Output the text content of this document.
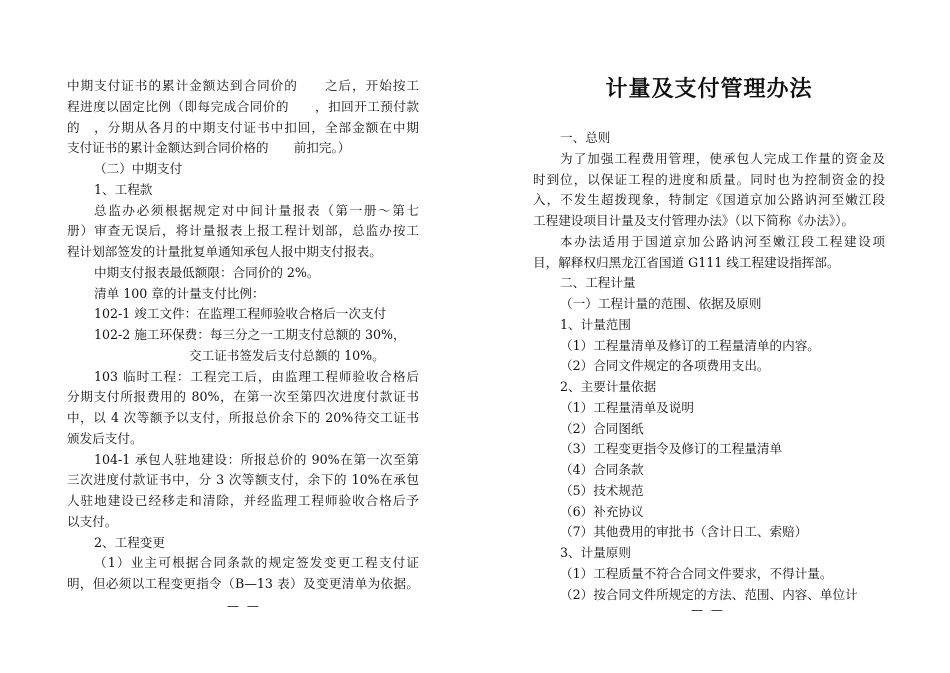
中期支付证书的累计金额达到合同价的　　之后，开始按工
程进度以固定比例（即每完成合同价的　　，扣回开工预付款
的　，分期从各月的中期支付证书中扣回，全部金额在中期
支付证书的累计金额达到合同价格的　　前扣完。）
（二）中期支付
1、工程款
总监办必须根据规定对中间计量报表（第一册～第七
册）审查无误后，将计量报表上报工程计划部，总监办按工
程计划部签发的计量批复单通知承包人报中期支付报表。
中期支付报表最低额限：合同价的 2%。
清单 100 章的计量支付比例：
102-1 竣工文件：在监理工程师验收合格后一次支付
102-2 施工环保费：每三分之一工期支付总额的 30%，
交工证书签发后支付总额的 10%。
103 临时工程：工程完工后，由监理工程师验收合格后
分期支付所报费用的 80%，在第一次至第四次进度付款证书
中，以 4 次等额予以支付，所报总价余下的 20%待交工证书
颁发后支付。
104-1 承包人驻地建设：所报总价的 90%在第一次至第
三次进度付款证书中，分 3 次等额支付，余下的 10%在承包
人驻地建设已经移走和清除，并经监理工程师验收合格后予
以支付。
2、工程变更
（1）业主可根据合同条款的规定签发变更工程支付证
明，但必须以工程变更指令（B—13 表）及变更清单为依据。
— —
计量及支付管理办法
一、总则
为了加强工程费用管理，使承包人完成工作量的资金及
时到位，以保证工程的进度和质量。同时也为控制资金的投
入，不发生超拨现象，特制定《国道京加公路讷河至嫩江段
工程建设项目计量及支付管理办法》（以下简称《办法》）。
本办法适用于国道京加公路讷河至嫩江段工程建设项
目，解释权归黑龙江省国道 G111 线工程建设指挥部。
二、工程计量
（一）工程计量的范围、依据及原则
1、计量范围
（1）工程量清单及修订的工程量清单的内容。
（2）合同文件规定的各项费用支出。
2、主要计量依据
（1）工程量清单及说明
（2）合同图纸
（3）工程变更指令及修订的工程量清单
（4）合同条款
（5）技术规范
（6）补充协议
（7）其他费用的审批书（含计日工、索赔）
3、计量原则
（1）工程质量不符合合同文件要求，不得计量。
（2）按合同文件所规定的方法、范围、内容、单位计
— —
